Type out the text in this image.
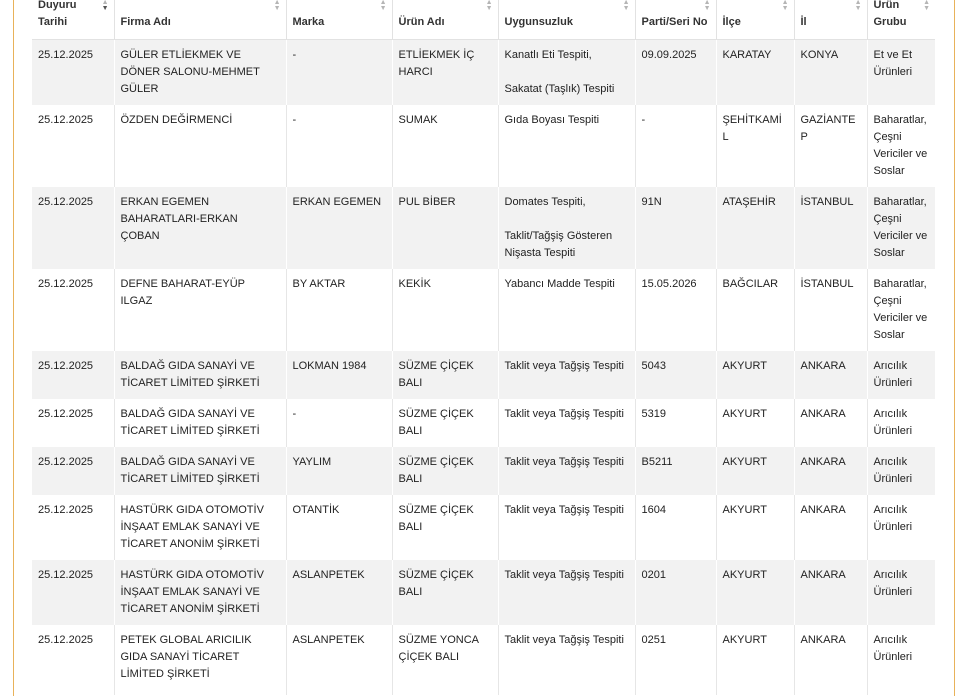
Duyuru Tarihi
▲
▼	Firma Adı
▲
▼	Marka
▲
▼	Ürün Adı
▲
▼	Uygunsuzluk
▲
▼	Parti/Seri No
▲
▼	İlçe
▲
▼	İl
▲
▼	Ürün Grubu
▲
▼

25.12.2025	GÜLER ETLİEKMEK VE DÖNER SALONU-MEHMET GÜLER	-	ETLİEKMEK İÇ HARCI	Kanatlı Eti Tespiti,
Sakatat (Taşlık) Tespiti	09.09.2025	KARATAY	KONYA	Et ve Et Ürünleri
25.12.2025	ÖZDEN DEĞİRMENCİ	-	SUMAK	Gıda Boyası Tespiti	-	ŞEHİTKAMİL	GAZİANTEP	Baharatlar, Çeşni Vericiler ve Soslar
25.12.2025	ERKAN EGEMEN BAHARATLARI-ERKAN ÇOBAN	ERKAN EGEMEN	PUL BİBER	Domates Tespiti,
Taklit/Tağşiş Gösteren Nişasta Tespiti	91N	ATAŞEHİR	İSTANBUL	Baharatlar, Çeşni Vericiler ve Soslar
25.12.2025	DEFNE BAHARAT-EYÜP ILGAZ	BY AKTAR	KEKİK	Yabancı Madde Tespiti	15.05.2026	BAĞCILAR	İSTANBUL	Baharatlar, Çeşni Vericiler ve Soslar
25.12.2025	BALDAĞ GIDA SANAYİ VE TİCARET LİMİTED ŞİRKETİ	LOKMAN 1984	SÜZME ÇİÇEK BALI	Taklit veya Tağşiş Tespiti	5043	AKYURT	ANKARA	Arıcılık Ürünleri
25.12.2025	BALDAĞ GIDA SANAYİ VE TİCARET LİMİTED ŞİRKETİ	-	SÜZME ÇİÇEK BALI	Taklit veya Tağşiş Tespiti	5319	AKYURT	ANKARA	Arıcılık Ürünleri
25.12.2025	BALDAĞ GIDA SANAYİ VE TİCARET LİMİTED ŞİRKETİ	YAYLIM	SÜZME ÇİÇEK BALI	Taklit veya Tağşiş Tespiti	B5211	AKYURT	ANKARA	Arıcılık Ürünleri
25.12.2025	HASTÜRK GIDA OTOMOTİV İNŞAAT EMLAK SANAYİ VE TİCARET ANONİM ŞİRKETİ	OTANTİK	SÜZME ÇİÇEK BALI	Taklit veya Tağşiş Tespiti	1604	AKYURT	ANKARA	Arıcılık Ürünleri
25.12.2025	HASTÜRK GIDA OTOMOTİV İNŞAAT EMLAK SANAYİ VE TİCARET ANONİM ŞİRKETİ	ASLANPETEK	SÜZME ÇİÇEK BALI	Taklit veya Tağşiş Tespiti	0201	AKYURT	ANKARA	Arıcılık Ürünleri
25.12.2025	PETEK GLOBAL ARICILIK GIDA SANAYİ TİCARET LİMİTED ŞİRKETİ	ASLANPETEK	SÜZME YONCA ÇİÇEK BALI	Taklit veya Tağşiş Tespiti	0251	AKYURT	ANKARA	Arıcılık Ürünleri
